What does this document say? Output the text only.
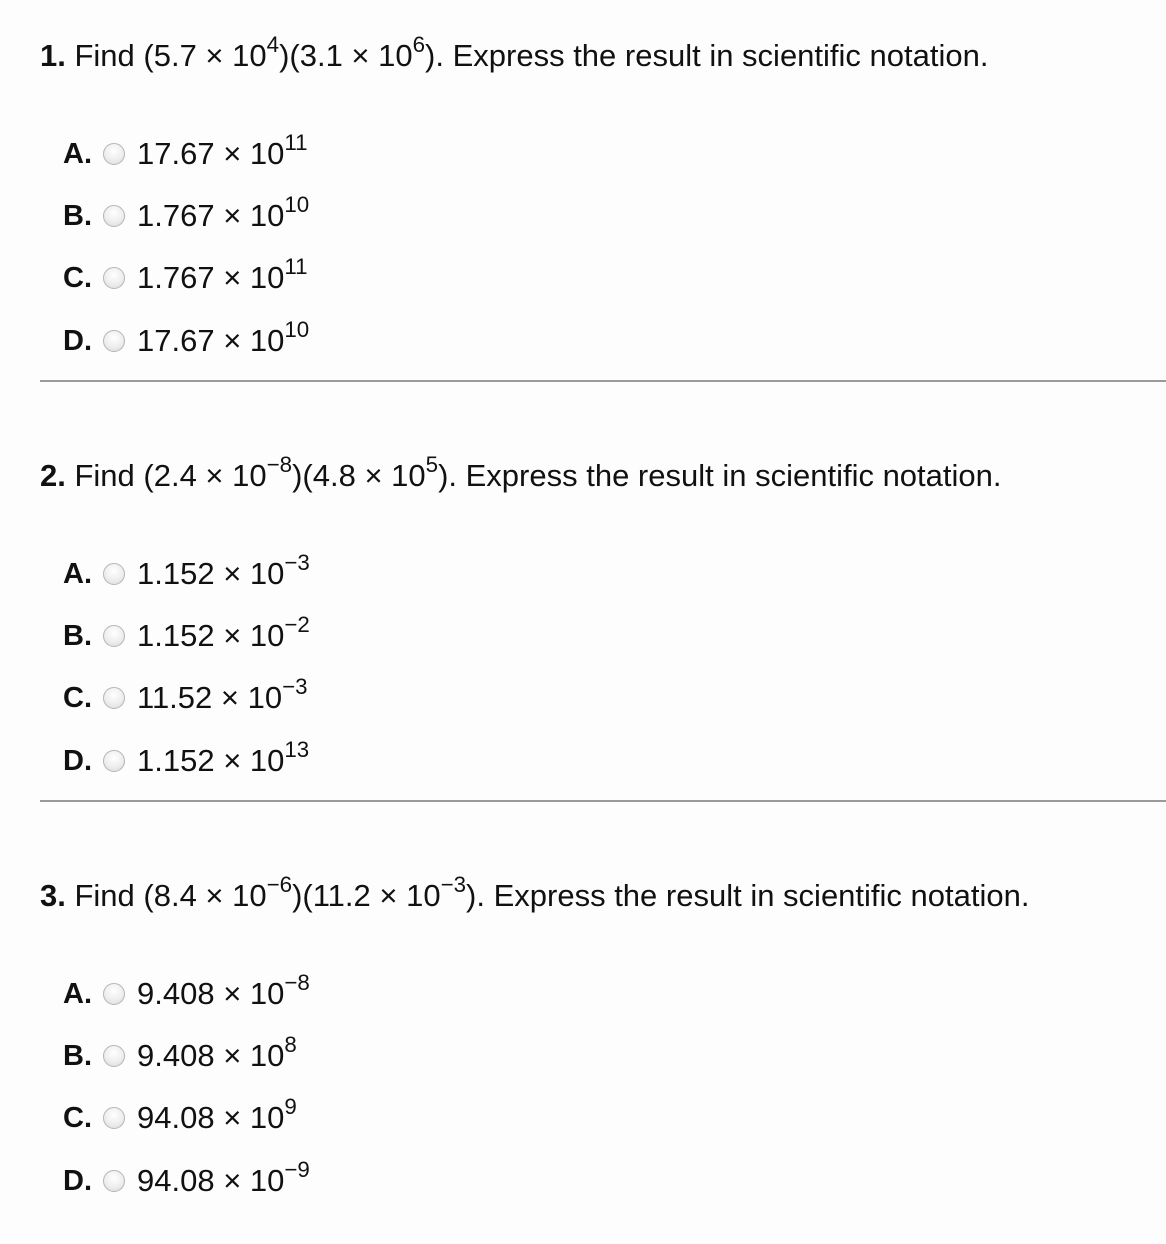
1. Find $(5.7 \times 10^4)(3.1 \times 10^6)$. Express the result in scientific notation.
A.	$17.67 \times 10^{11}$
B.	$1.767 \times 10^{10}$
C.	$1.767 \times 10^{11}$
D.	$17.67 \times 10^{10}$
2. Find $(2.4 \times 10^{-8})(4.8 \times 10^5)$. Express the result in scientific notation.
A.	$1.152 \times 10^{-3}$
B.	$1.152 \times 10^{-2}$
C.	$11.52 \times 10^{-3}$
D.	$1.152 \times 10^{13}$
3. Find $(8.4 \times 10^{-6})(11.2 \times 10^{-3})$. Express the result in scientific notation.
A.	$9.408 \times 10^{-8}$
B.	$9.408 \times 10^8$
C.	$94.08 \times 10^9$
D.	$94.08 \times 10^{-9}$
